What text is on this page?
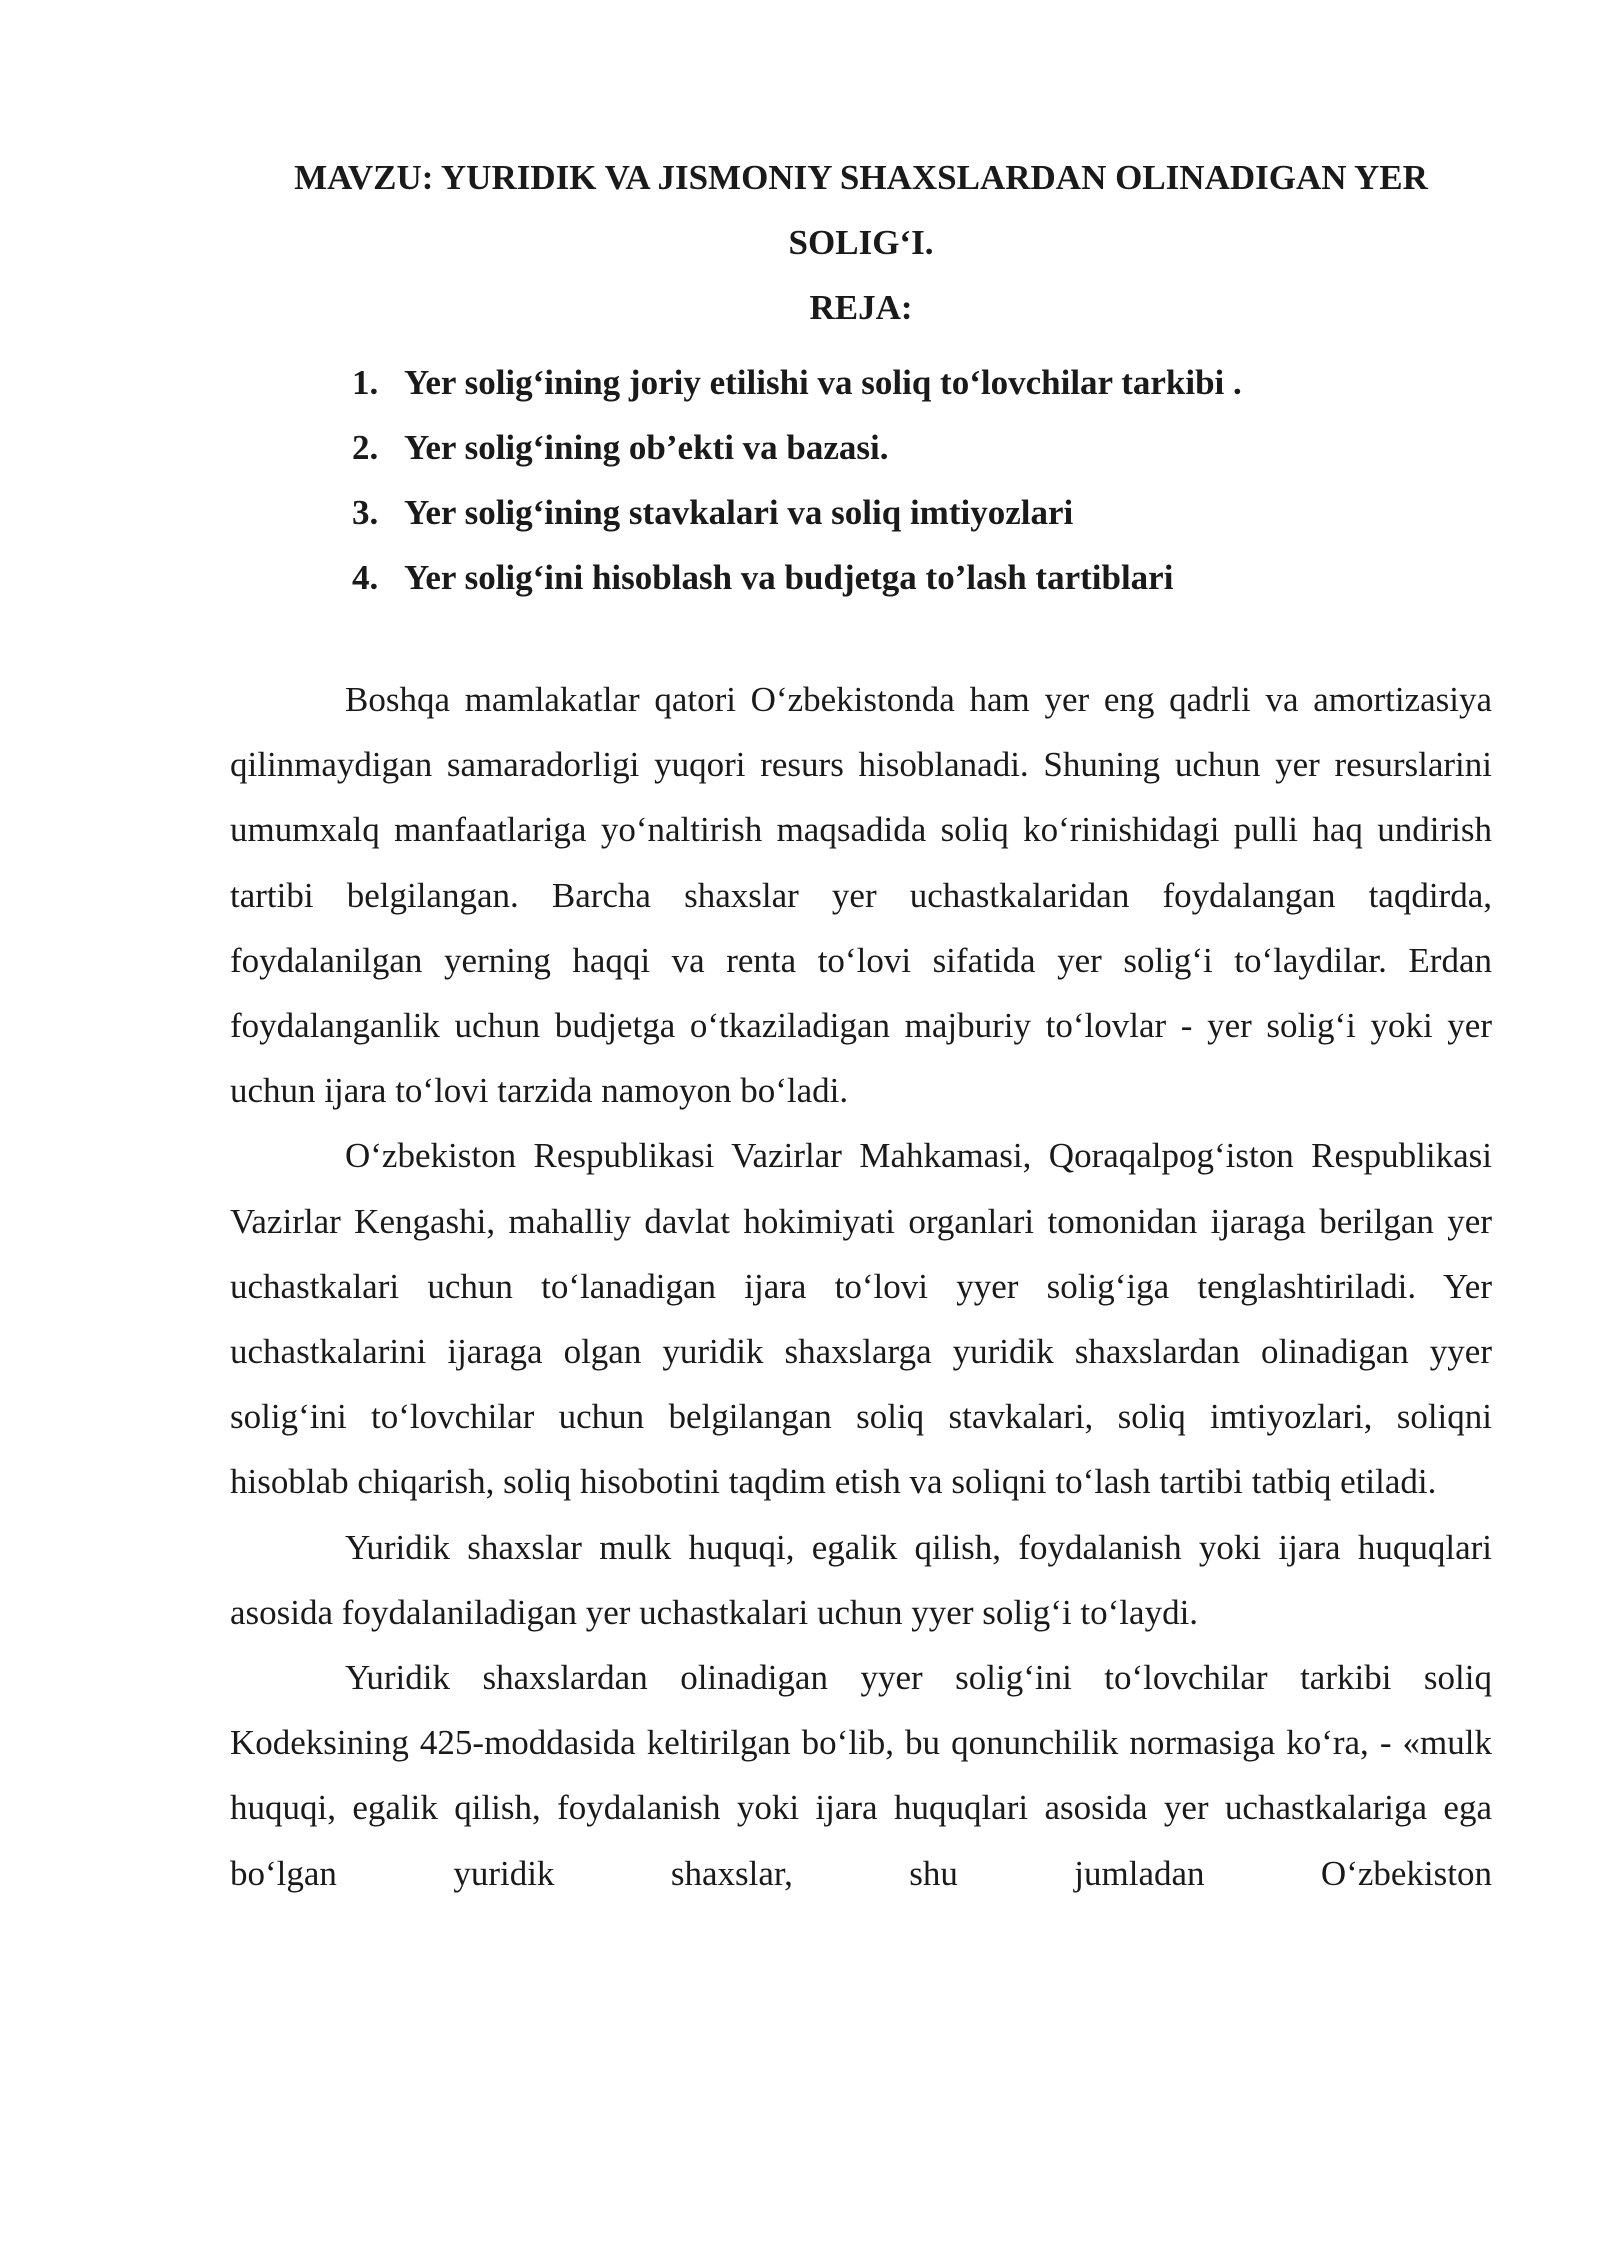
MAVZU: YURIDIK VA JISMONIY SHAXSLARDAN OLINADIGAN YER
SOLIG‘I.
REJA:
1. Yer solig‘ining joriy etilishi va soliq to‘lovchilar tarkibi .
2. Yer solig‘ining ob’ekti va bazasi.
3. Yer solig‘ining stavkalari va soliq imtiyozlari
4. Yer solig‘ini hisoblash va budjetga to’lash tartiblari

Boshqa mamlakatlar qatori O‘zbekistonda ham yer eng qadrli va amortizasiya qilinmaydigan samaradorligi yuqori resurs hisoblanadi. Shuning uchun yer resurslarini umumxalq manfaatlariga yo‘naltirish maqsadida soliq ko‘rinishidagi pulli haq undirish tartibi belgilangan. Barcha shaxslar yer uchastkalaridan foydalangan taqdirda, foydalanilgan yerning haqqi va renta to‘lovi sifatida yer solig‘i to‘laydilar. Erdan foydalanganlik uchun budjetga o‘tkaziladigan majburiy to‘lovlar - yer solig‘i yoki yer uchun ijara to‘lovi tarzida namoyon bo‘ladi.

O‘zbekiston Respublikasi Vazirlar Mahkamasi, Qoraqalpog‘iston Respublikasi Vazirlar Kengashi, mahalliy davlat hokimiyati organlari tomonidan ijaraga berilgan yer uchastkalari uchun to‘lanadigan ijara to‘lovi yyer solig‘iga tenglashtiriladi. Yer uchastkalarini ijaraga olgan yuridik shaxslarga yuridik shaxslardan olinadigan yyer solig‘ini to‘lovchilar uchun belgilangan soliq stavkalari, soliq imtiyozlari, soliqni hisoblab chiqarish, soliq hisobotini taqdim etish va soliqni to‘lash tartibi tatbiq etiladi.

Yuridik shaxslar mulk huquqi, egalik qilish, foydalanish yoki ijara huquqlari asosida foydalaniladigan yer uchastkalari uchun yyer solig‘i to‘laydi.

Yuridik shaxslardan olinadigan yyer solig‘ini to‘lovchilar tarkibi soliq Kodeksining 425-moddasida keltirilgan bo‘lib, bu qonunchilik normasiga ko‘ra, - «mulk huquqi, egalik qilish, foydalanish yoki ijara huquqlari asosida yer uchastkalariga ega bo‘lgan yuridik shaxslar, shu jumladan O‘zbekiston
